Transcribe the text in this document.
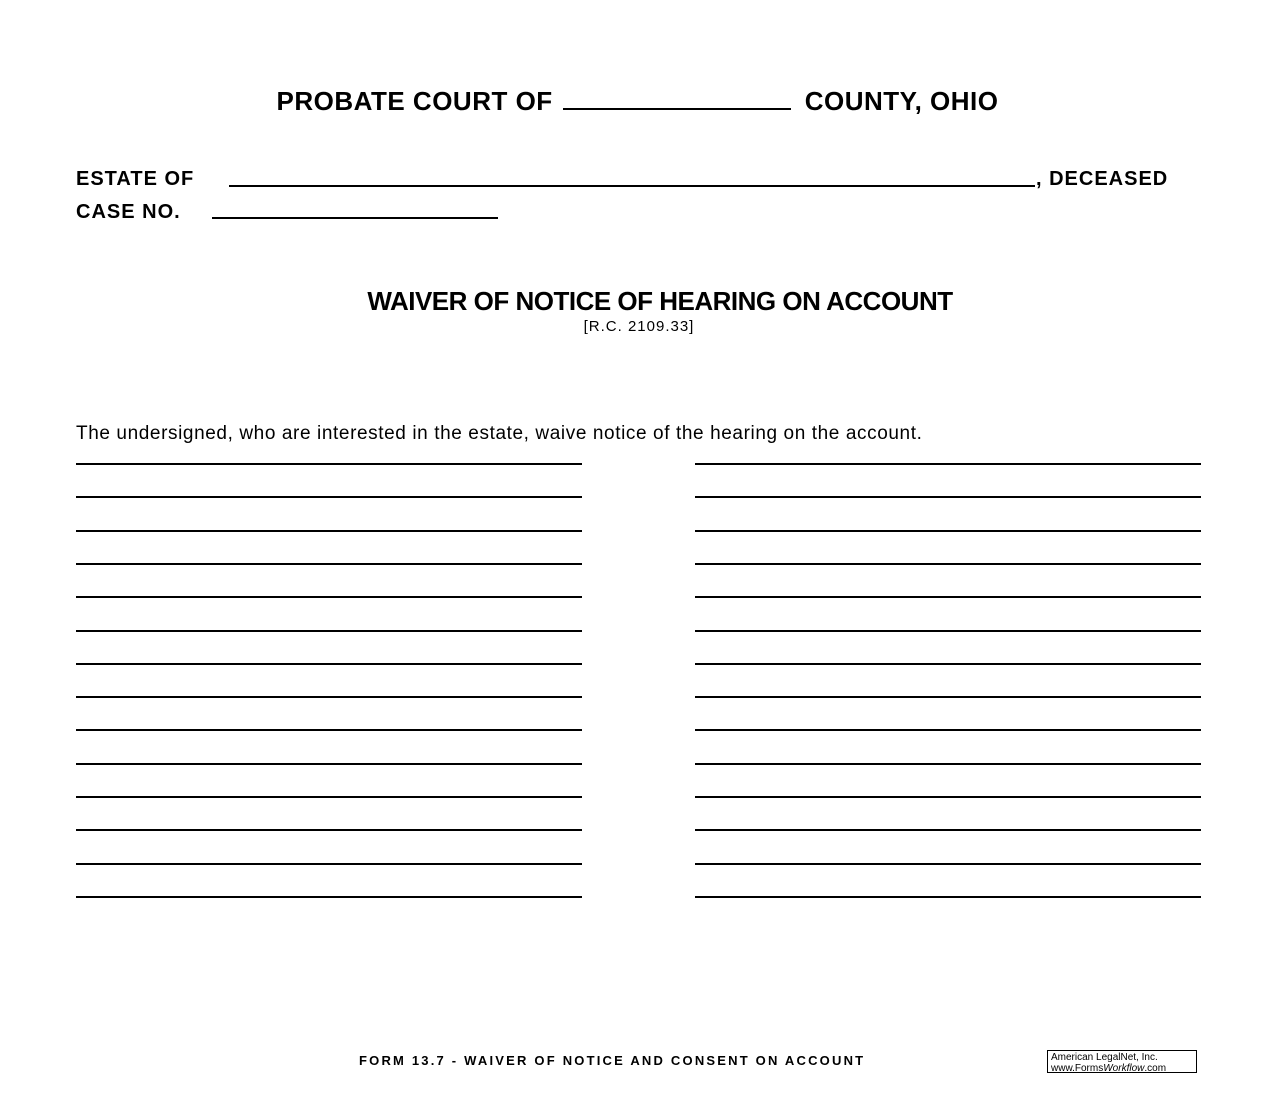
PROBATE COURT OF	COUNTY, OHIO
ESTATE OF	, DECEASED
CASE NO.
WAIVER OF NOTICE OF HEARING ON ACCOUNT
[R.C. 2109.33]
The undersigned, who are interested in the estate, waive notice of the hearing on the account.
FORM 13.7 - WAIVER OF NOTICE AND CONSENT ON ACCOUNT	American LegalNet, Inc.
www.FormsWorkflow.com
